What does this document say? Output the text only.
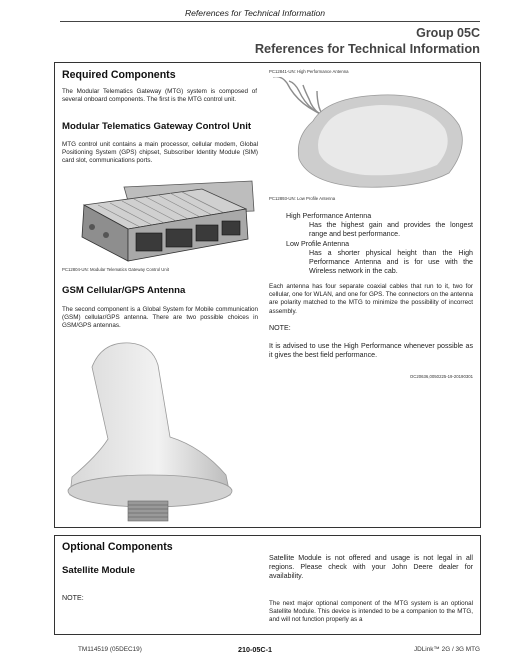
References for Technical Information
Group 05C
References for Technical Information
Required Components
The Modular Telematics Gateway (MTG) system is composed of several onboard components. The first is the MTG control unit.
Modular Telematics Gateway Control Unit
MTG control unit contains a main processor, cellular modem, Global Positioning System (GPS) chipset, Subscriber Identity Module (SIM) card slot, communications ports.
PC12804-UN: Modular Telematics Gateway Control Unit
GSM Cellular/GPS Antenna
The second component is a Global System for Mobile communication (GSM) cellular/GPS antenna. There are two possible choices in GSM/GPS antennas.
PC12841-UN: High Performance Antenna
PC12893-UN: Low Profile Antenna
High Performance Antenna
Has the highest gain and provides the longest range and best performance.
Low Profile Antenna
Has a shorter physical height than the High Performance Antenna and is for use with the Wireless network in the cab.
Each antenna has four separate coaxial cables that run to it, two for cellular, one for WLAN, and one for GPS. The connectors on the antenna are polarity matched to the MTG to minimize the possibility of incorrect assembly.
NOTE:
It is advised to use the High Performance whenever possible as it gives the best field performance.
OC20636,0050225-19-20190301
Optional Components
Satellite Module
NOTE:
Satellite Module is not offered and usage is not legal in all regions. Please check with your John Deere dealer for availability.
The next major optional component of the MTG system is an optional Satellite Module. This device is intended to be a companion to the MTG, and will not function properly as a
TM114519 (05DEC19)	210-05C-1	JDLink™ 2G / 3G MTG
